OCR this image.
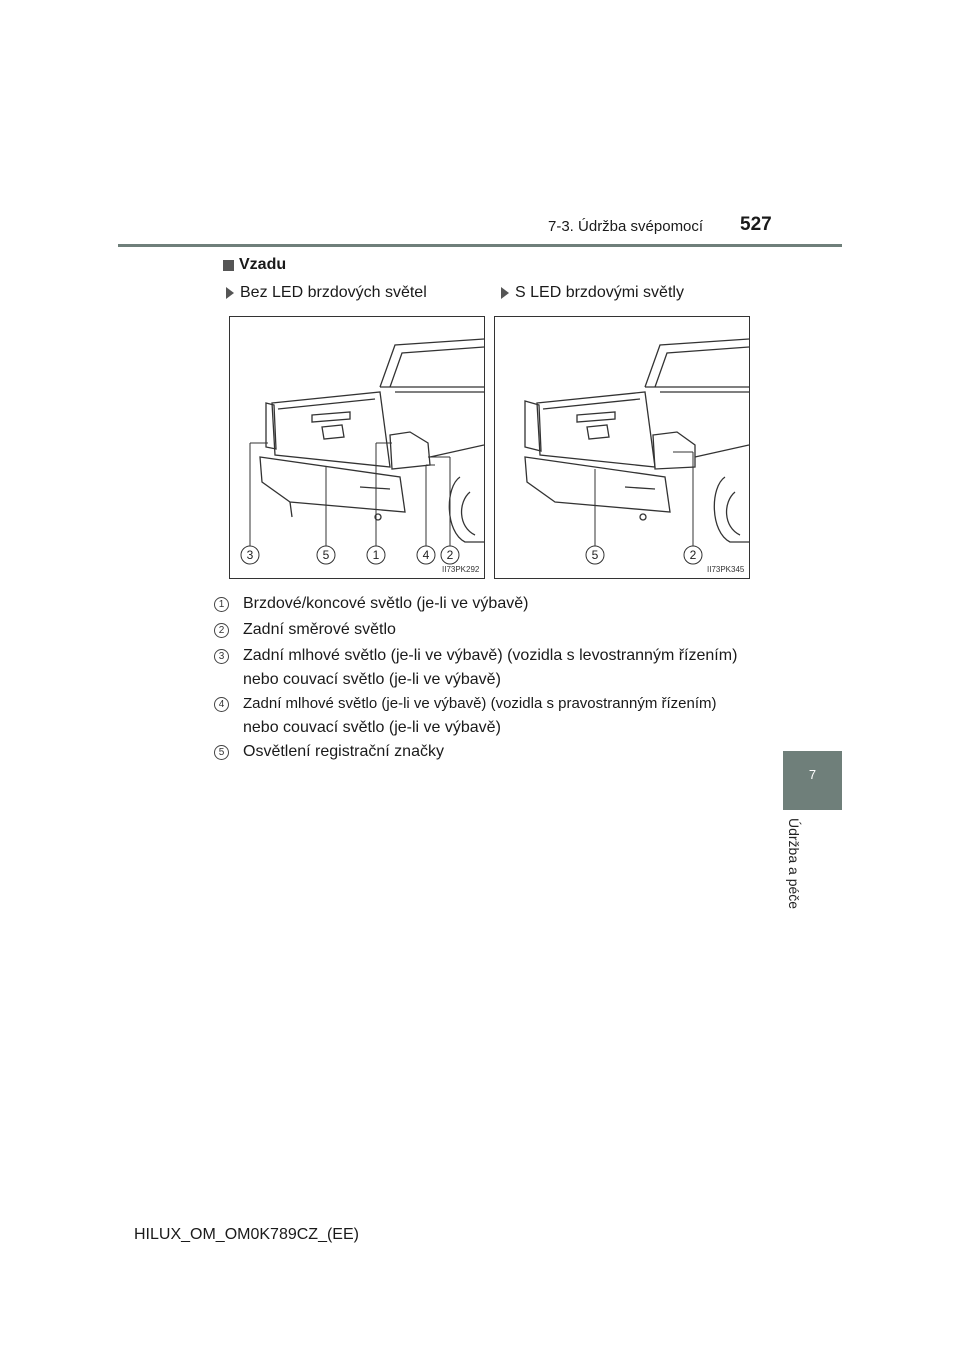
7-3. Údržba svépomocí 527
7
Údržba a péče
Vzadu
Bez LED brzdových světel	S LED brzdovými světly
3	5	1	4 2
II73PK292
5	2
II73PK345
1 Brzdové/koncové světlo (je-li ve výbavě)
2 Zadní směrové světlo
3 Zadní mlhové světlo (je-li ve výbavě) (vozidla s levostranným řízením)
nebo couvací světlo (je-li ve výbavě)
4	Zadní mlhové světlo (je-li ve výbavě) (vozidla s pravostranným řízením)
nebo couvací světlo (je-li ve výbavě)
5 Osvětlení registrační značky
HILUX_OM_OM0K789CZ_(EE)
